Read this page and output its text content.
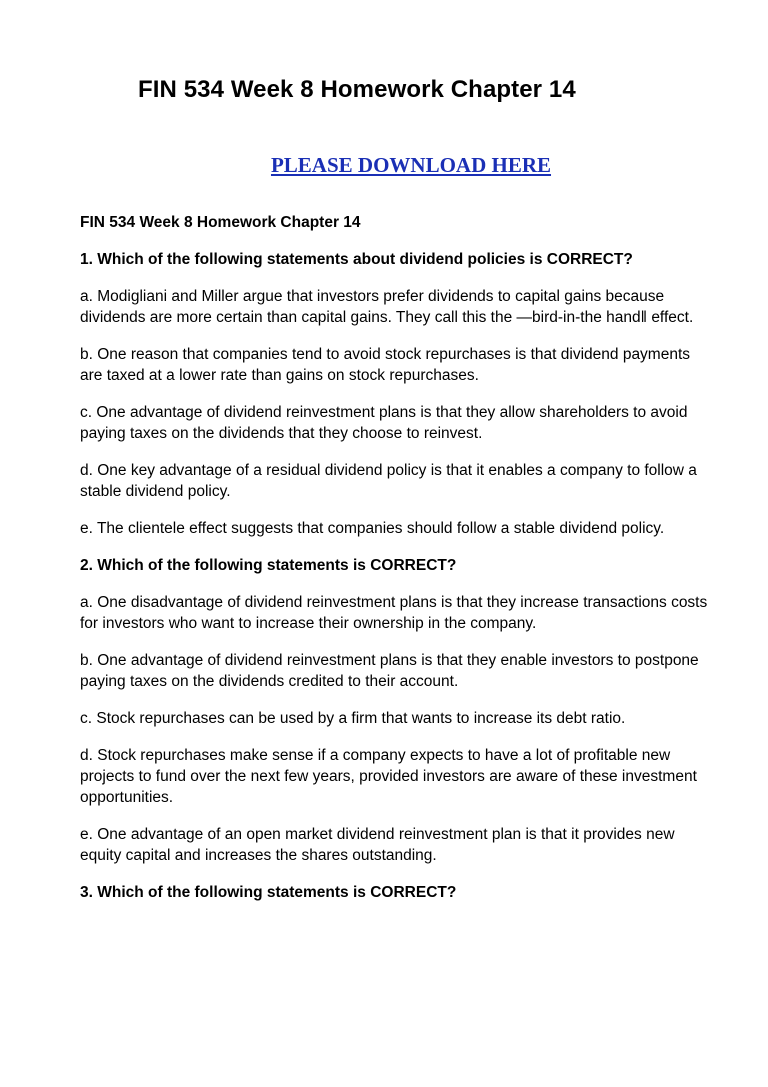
FIN 534 Week 8 Homework Chapter 14
PLEASE DOWNLOAD HERE
FIN 534 Week 8 Homework Chapter 14
1. Which of the following statements about dividend policies is CORRECT?
a. Modigliani and Miller argue that investors prefer dividends to capital gains because dividends are more certain than capital gains. They call this the —bird-in-the hand‖ effect.
b. One reason that companies tend to avoid stock repurchases is that dividend payments are taxed at a lower rate than gains on stock repurchases.
c. One advantage of dividend reinvestment plans is that they allow shareholders to avoid paying taxes on the dividends that they choose to reinvest.
d. One key advantage of a residual dividend policy is that it enables a company to follow a stable dividend policy.
e. The clientele effect suggests that companies should follow a stable dividend policy.
2. Which of the following statements is CORRECT?
a. One disadvantage of dividend reinvestment plans is that they increase transactions costs for investors who want to increase their ownership in the company.
b. One advantage of dividend reinvestment plans is that they enable investors to postpone paying taxes on the dividends credited to their account.
c. Stock repurchases can be used by a firm that wants to increase its debt ratio.
d. Stock repurchases make sense if a company expects to have a lot of profitable new projects to fund over the next few years, provided investors are aware of these investment opportunities.
e. One advantage of an open market dividend reinvestment plan is that it provides new equity capital and increases the shares outstanding.
3. Which of the following statements is CORRECT?
